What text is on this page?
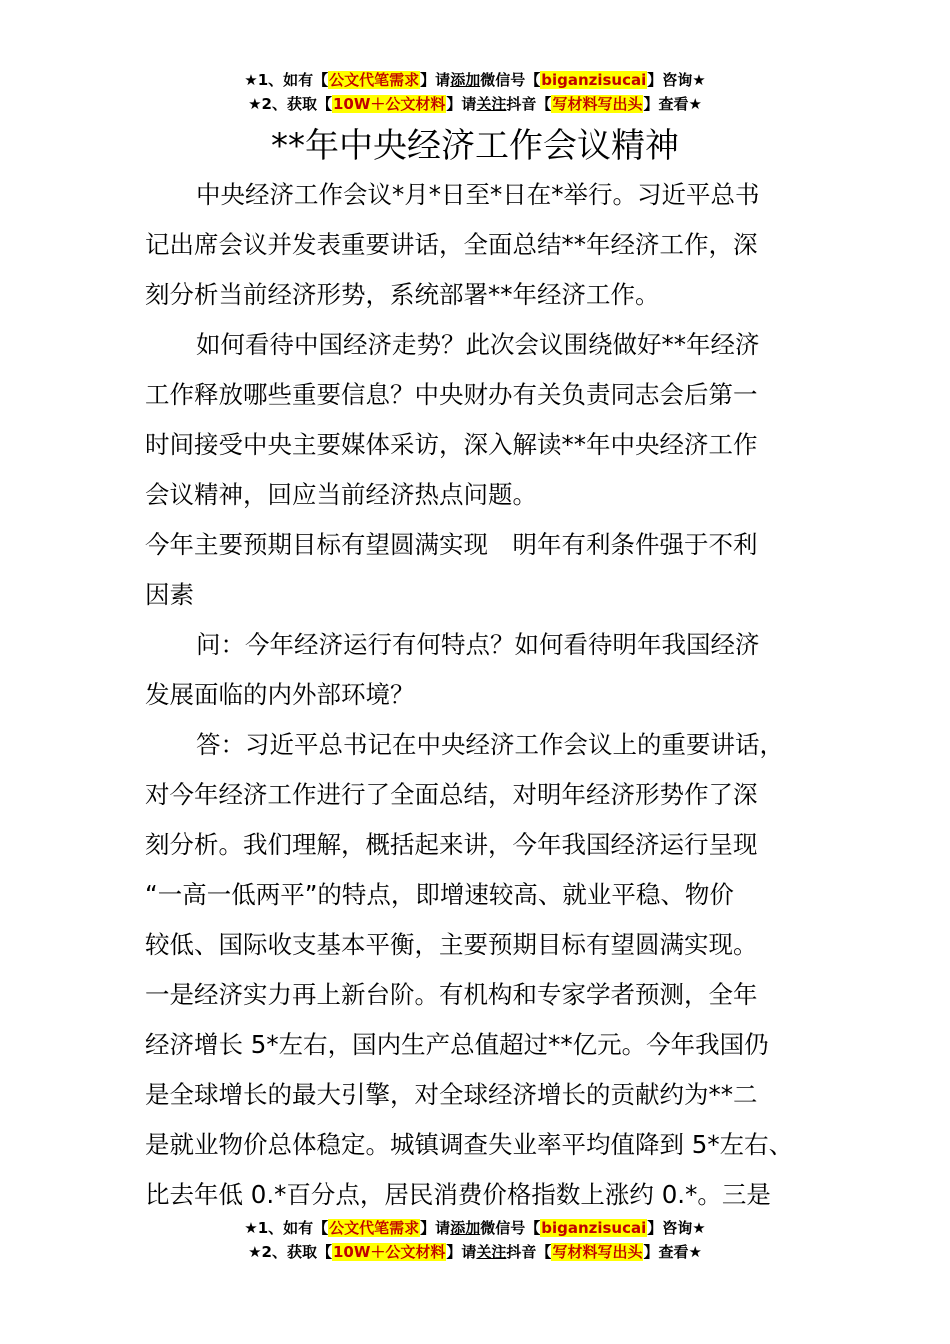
★1、如有【公文代笔需求】请添加微信号【biganzisucai】咨询★
★2、获取【10W＋公文材料】请关注抖音【写材料写出头】查看★
**年中央经济工作会议精神
中央经济工作会议*月*日至*日在*举行。习近平总书
记出席会议并发表重要讲话，全面总结**年经济工作，深
刻分析当前经济形势，系统部署**年经济工作。
如何看待中国经济走势？此次会议围绕做好**年经济
工作释放哪些重要信息？中央财办有关负责同志会后第一
时间接受中央主要媒体采访，深入解读**年中央经济工作
会议精神，回应当前经济热点问题。
今年主要预期目标有望圆满实现　明年有利条件强于不利
因素
问：今年经济运行有何特点？如何看待明年我国经济
发展面临的内外部环境？
答：习近平总书记在中央经济工作会议上的重要讲话，
对今年经济工作进行了全面总结，对明年经济形势作了深
刻分析。我们理解，概括起来讲，今年我国经济运行呈现
“一高一低两平”的特点，即增速较高、就业平稳、物价
较低、国际收支基本平衡，主要预期目标有望圆满实现。
一是经济实力再上新台阶。有机构和专家学者预测，全年
经济增长 5*左右，国内生产总值超过**亿元。今年我国仍
是全球增长的最大引擎，对全球经济增长的贡献约为**二
是就业物价总体稳定。城镇调查失业率平均值降到 5*左右、
比去年低 0.*百分点，居民消费价格指数上涨约 0.*。三是
★1、如有【公文代笔需求】请添加微信号【biganzisucai】咨询★
★2、获取【10W＋公文材料】请关注抖音【写材料写出头】查看★
